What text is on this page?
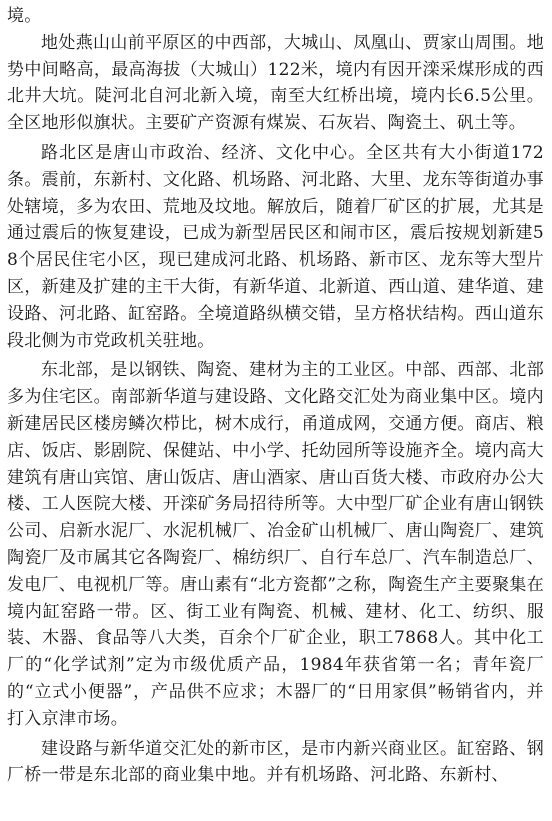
境。

地处燕山山前平原区的中西部，大城山、凤凰山、贾家山周围。地势中间略高，最高海拔（大城山）122米，境内有因开滦采煤形成的西北井大坑。陡河北自河北新入境，南至大红桥出境，境内长6.5公里。全区地形似旗状。主要矿产资源有煤炭、石灰岩、陶瓷土、矾土等。

路北区是唐山市政治、经济、文化中心。全区共有大小街道172条。震前，东新村、文化路、机场路、河北路、大里、龙东等街道办事处辖境，多为农田、荒地及坟地。解放后，随着厂矿区的扩展，尤其是通过震后的恢复建设，已成为新型居民区和闹市区，震后按规划新建58个居民住宅小区，现已建成河北路、机场路、新市区、龙东等大型片区，新建及扩建的主干大街，有新华道、北新道、西山道、建华道、建设路、河北路、缸窑路。全境道路纵横交错，呈方格状结构。西山道东段北侧为市党政机关驻地。

东北部，是以钢铁、陶瓷、建材为主的工业区。中部、西部、北部多为住宅区。南部新华道与建设路、文化路交汇处为商业集中区。境内新建居民区楼房鳞次栉比，树木成行，甬道成网，交通方便。商店、粮店、饭店、影剧院、保健站、中小学、托幼园所等设施齐全。境内高大建筑有唐山宾馆、唐山饭店、唐山酒家、唐山百货大楼、市政府办公大楼、工人医院大楼、开滦矿务局招待所等。大中型厂矿企业有唐山钢铁公司、启新水泥厂、水泥机械厂、冶金矿山机械厂、唐山陶瓷厂、建筑陶瓷厂及市属其它各陶瓷厂、棉纺织厂、自行车总厂、汽车制造总厂、发电厂、电视机厂等。唐山素有“北方瓷都”之称，陶瓷生产主要聚集在境内缸窑路一带。区、街工业有陶瓷、机械、建材、化工、纺织、服装、木器、食品等八大类，百余个厂矿企业，职工7868人。其中化工厂的“化学试剂”定为市级优质产品，1984年获省第一名；青年瓷厂的“立式小便器”，产品供不应求；木器厂的“日用家俱”畅销省内，并打入京津市场。

建设路与新华道交汇处的新市区，是市内新兴商业区。缸窑路、钢厂桥一带是东北部的商业集中地。并有机场路、河北路、东新村、
